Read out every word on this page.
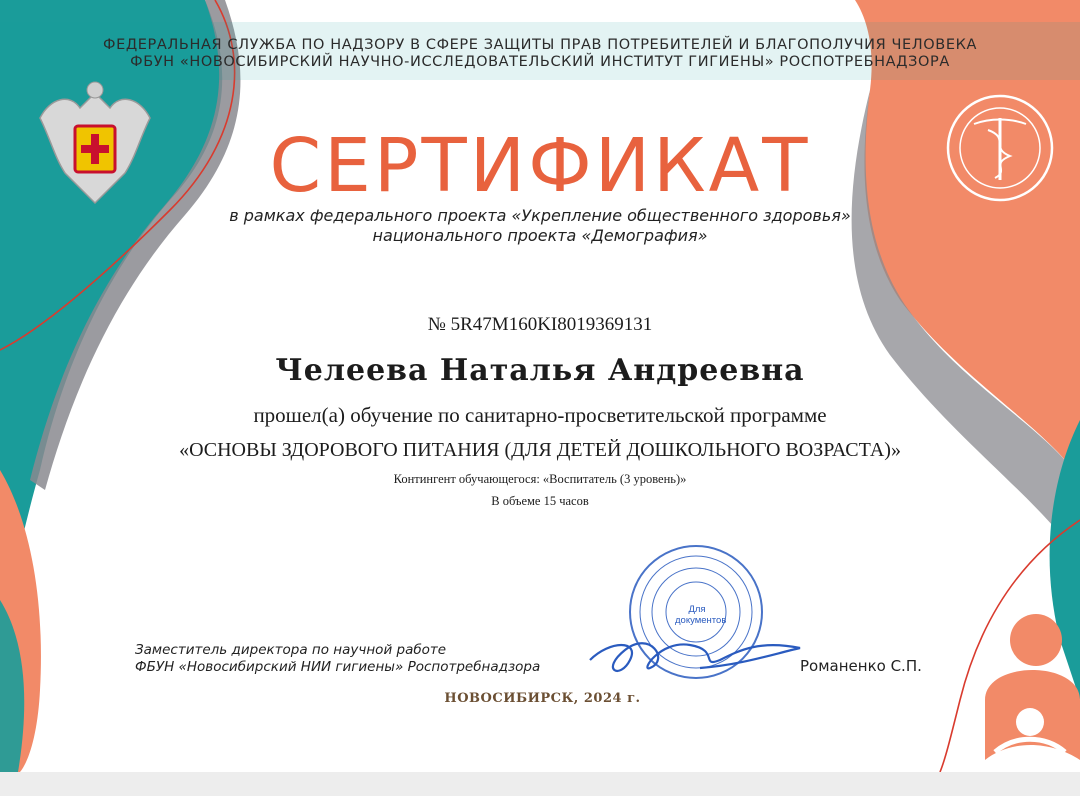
ФЕДЕРАЛЬНАЯ СЛУЖБА ПО НАДЗОРУ В СФЕРЕ ЗАЩИТЫ ПРАВ ПОТРЕБИТЕЛЕЙ И БЛАГОПОЛУЧИЯ ЧЕЛОВЕКА
ФБУН «НОВОСИБИРСКИЙ НАУЧНО-ИССЛЕДОВАТЕЛЬСКИЙ ИНСТИТУТ ГИГИЕНЫ» РОСПОТРЕБНАДЗОРА
СЕРТИФИКАТ
в рамках федерального проекта «Укрепление общественного здоровья»
национального проекта «Демография»
№ 5R47M160KI8019369131
Челеева Наталья Андреевна
прошел(а) обучение по санитарно-просветительской программе
«ОСНОВЫ ЗДОРОВОГО ПИТАНИЯ (ДЛЯ ДЕТЕЙ ДОШКОЛЬНОГО ВОЗРАСТА)»
Контингент обучающегося: «Воспитатель (3 уровень)»
В объеме 15 часов
Заместитель директора по научной работе
ФБУН «Новосибирский НИИ гигиены» Роспотребнадзора	Романенко С.П.
Для документов
НОВОСИБИРСК, 2024 г.
